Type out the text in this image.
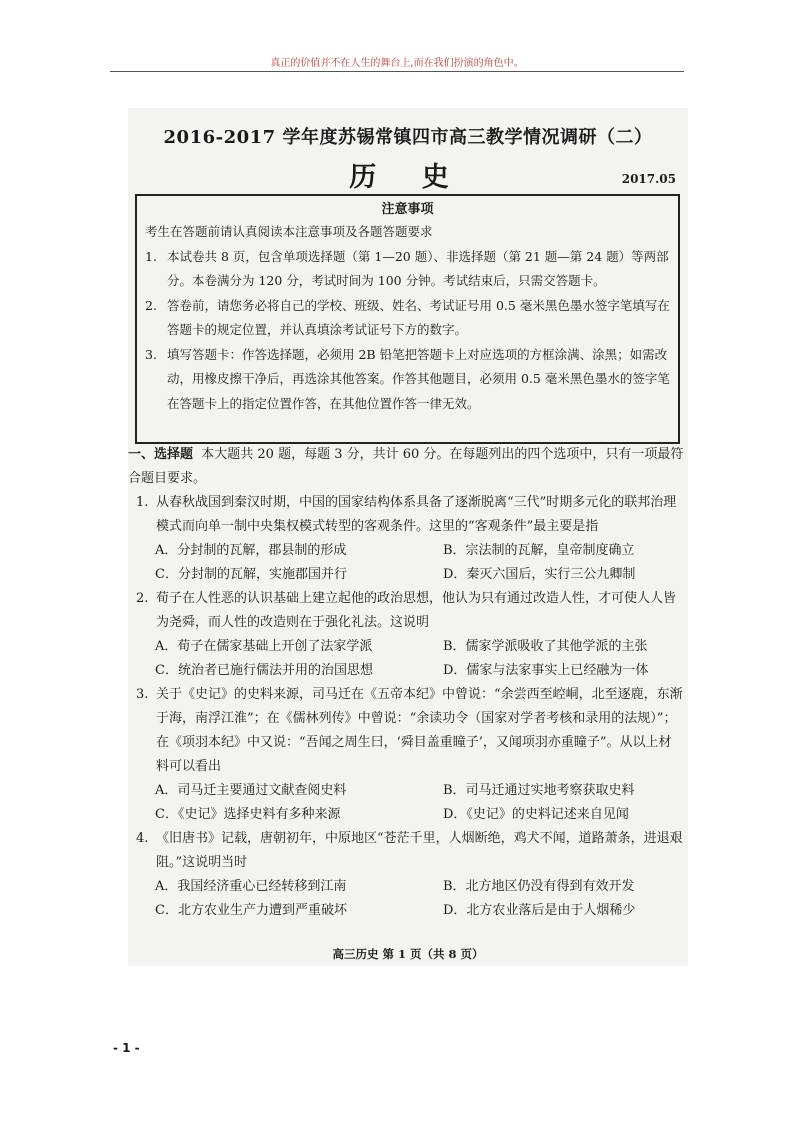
真正的价值并不在人生的舞台上,而在我们扮演的角色中。
2016-2017 学年度苏锡常镇四市高三教学情况调研（二）
历 史	2017.05
注意事项

考生在答题前请认真阅读本注意事项及各题答题要求

1. 本试卷共 8 页，包含单项选择题（第 1—20 题）、非选择题（第 21 题—第 24 题）等两部分。本卷满分为 120 分，考试时间为 100 分钟。考试结束后，只需交答题卡。
2. 答卷前，请您务必将自己的学校、班级、姓名、考试证号用 0.5 毫米黑色墨水签字笔填写在答题卡的规定位置，并认真填涂考试证号下方的数字。
3. 填写答题卡：作答选择题，必须用 2B 铅笔把答题卡上对应选项的方框涂满、涂黑；如需改动，用橡皮擦干净后，再选涂其他答案。作答其他题目，必须用 0.5 毫米黑色墨水的签字笔在答题卡上的指定位置作答，在其他位置作答一律无效。

一、选择题 本大题共 20 题，每题 3 分，共计 60 分。在每题列出的四个选项中，只有一项最符合题目要求。

1. 从春秋战国到秦汉时期，中国的国家结构体系具备了逐渐脱离“三代”时期多元化的联邦治理模式而向单一制中央集权模式转型的客观条件。这里的“客观条件”最主要是指
A．分封制的瓦解，郡县制的形成	B．宗法制的瓦解，皇帝制度确立
C．分封制的瓦解，实施郡国并行	D．秦灭六国后，实行三公九卿制
2. 荀子在人性恶的认识基础上建立起他的政治思想，他认为只有通过改造人性，才可使人人皆为尧舜，而人性的改造则在于强化礼法。这说明
A．荀子在儒家基础上开创了法家学派	B．儒家学派吸收了其他学派的主张
C．统治者已施行儒法并用的治国思想	D．儒家与法家事实上已经融为一体
3. 关于《史记》的史料来源，司马迁在《五帝本纪》中曾说：“余尝西至崆峒，北至逐鹿，东渐于海，南浮江淮”；在《儒林列传》中曾说：“余读功令（国家对学者考核和录用的法规）”；在《项羽本纪》中又说：“吾闻之周生曰，‘舜目盖重瞳子’，又闻项羽亦重瞳子”。从以上材料可以看出
A．司马迁主要通过文献查阅史料	B．司马迁通过实地考察获取史料
C．《史记》选择史料有多种来源	D．《史记》的史料记述来自见闻
4. 《旧唐书》记载，唐朝初年，中原地区“苍茫千里，人烟断绝，鸡犬不闻，道路萧条，进退艰阻。”这说明当时
A．我国经济重心已经转移到江南	B．北方地区仍没有得到有效开发
C．北方农业生产力遭到严重破坏	D．北方农业落后是由于人烟稀少
高三历史 第 1 页（共 8 页）
- 1 -
